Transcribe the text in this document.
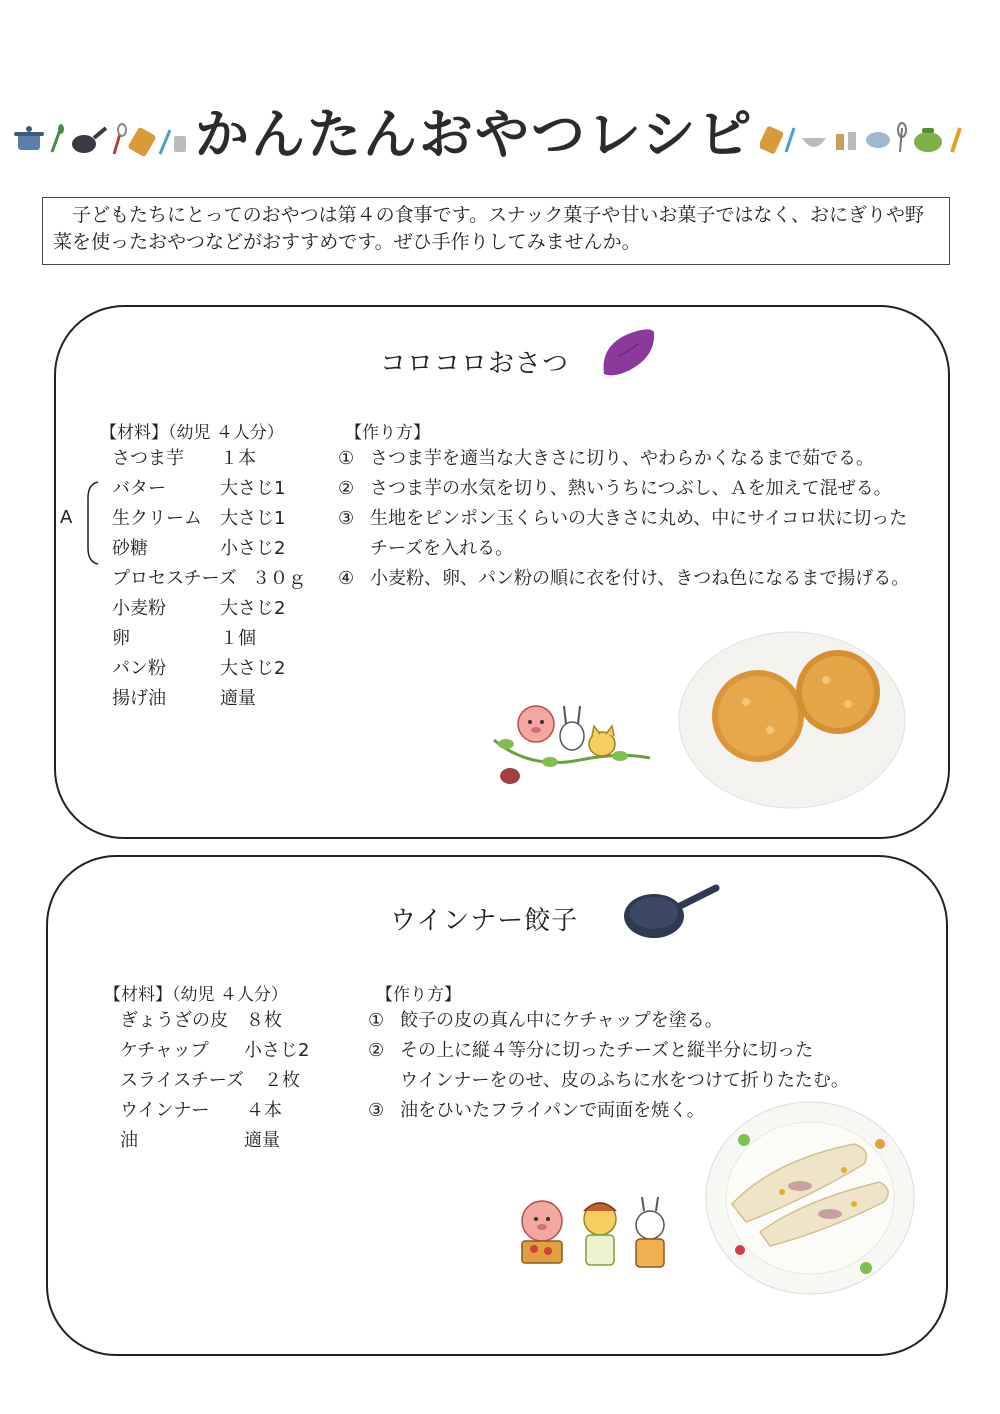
かんたんおやつレシピ
子どもたちにとってのおやつは第４の食事です。スナック菓子や甘いお菓子ではなく、おにぎりや野菜を使ったおやつなどがおすすめです。ぜひ手作りしてみませんか。
コロコロおさつ
【材料】（幼児 ４人分）
さつま芋 １本
バター	大さじ1
生クリーム 大さじ1
砂糖	小さじ2
プロセスチーズ ３０ｇ
小麦粉	大さじ2
卵	１個
パン粉	大さじ2
揚げ油	適量
A
【作り方】
① さつま芋を適当な大きさに切り、やわらかくなるまで茹でる。
② さつま芋の水気を切り、熱いうちにつぶし、Ａを加えて混ぜる。
③ 生地をピンポン玉くらいの大きさに丸め、中にサイコロ状に切った
チーズを入れる。
④ 小麦粉、卵、パン粉の順に衣を付け、きつね色になるまで揚げる。
ウインナー餃子
【材料】（幼児 ４人分）
ぎょうざの皮 ８枚
ケチャップ 小さじ2
スライスチーズ ２枚
ウインナー ４本
油	適量
【作り方】
① 餃子の皮の真ん中にケチャップを塗る。
② その上に縦４等分に切ったチーズと縦半分に切った
ウインナーをのせ、皮のふちに水をつけて折りたたむ。
③ 油をひいたフライパンで両面を焼く。
